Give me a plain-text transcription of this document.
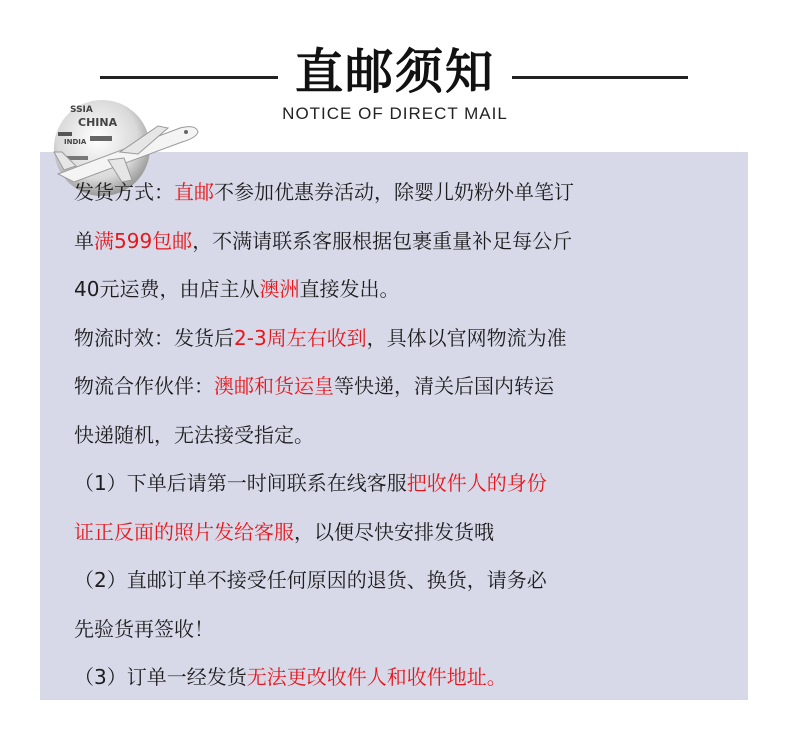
直邮须知
NOTICE OF DIRECT MAIL
SSIA
CHINA
INDIA

发货方式：直邮不参加优惠券活动，除婴儿奶粉外单笔订

单满599包邮，不满请联系客服根据包裹重量补足每公斤

40元运费，由店主从澳洲直接发出。

物流时效：发货后2-3周左右收到，具体以官网物流为准

物流合作伙伴：澳邮和货运皇等快递，清关后国内转运

快递随机，无法接受指定。

（1）下单后请第一时间联系在线客服把收件人的身份

证正反面的照片发给客服，以便尽快安排发货哦

（2）直邮订单不接受任何原因的退货、换货，请务必

先验货再签收！

（3）订单一经发货无法更改收件人和收件地址。
